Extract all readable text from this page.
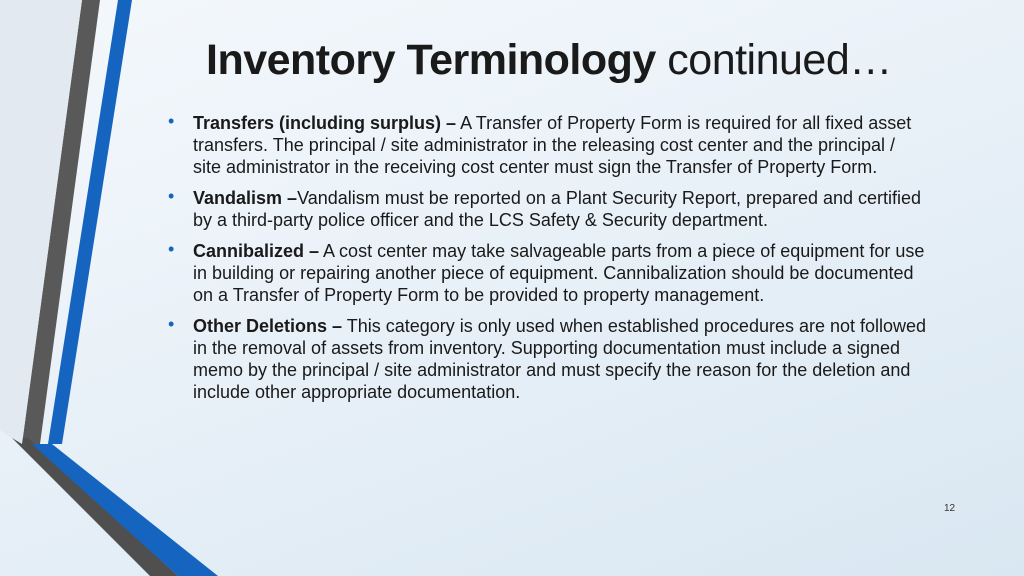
Inventory Terminology continued…
• Transfers (including surplus) – A Transfer of Property Form is required for all fixed asset transfers. The principal / site administrator in the releasing cost center and the principal / site administrator in the receiving cost center must sign the Transfer of Property Form.
• Vandalism –Vandalism must be reported on a Plant Security Report, prepared and certified by a third-party police officer and the LCS Safety & Security department.
• Cannibalized – A cost center may take salvageable parts from a piece of equipment for use in building or repairing another piece of equipment. Cannibalization should be documented on a Transfer of Property Form to be provided to property management.
• Other Deletions – This category is only used when established procedures are not followed in the removal of assets from inventory. Supporting documentation must include a signed memo by the principal / site administrator and must specify the reason for the deletion and include other appropriate documentation.
12
